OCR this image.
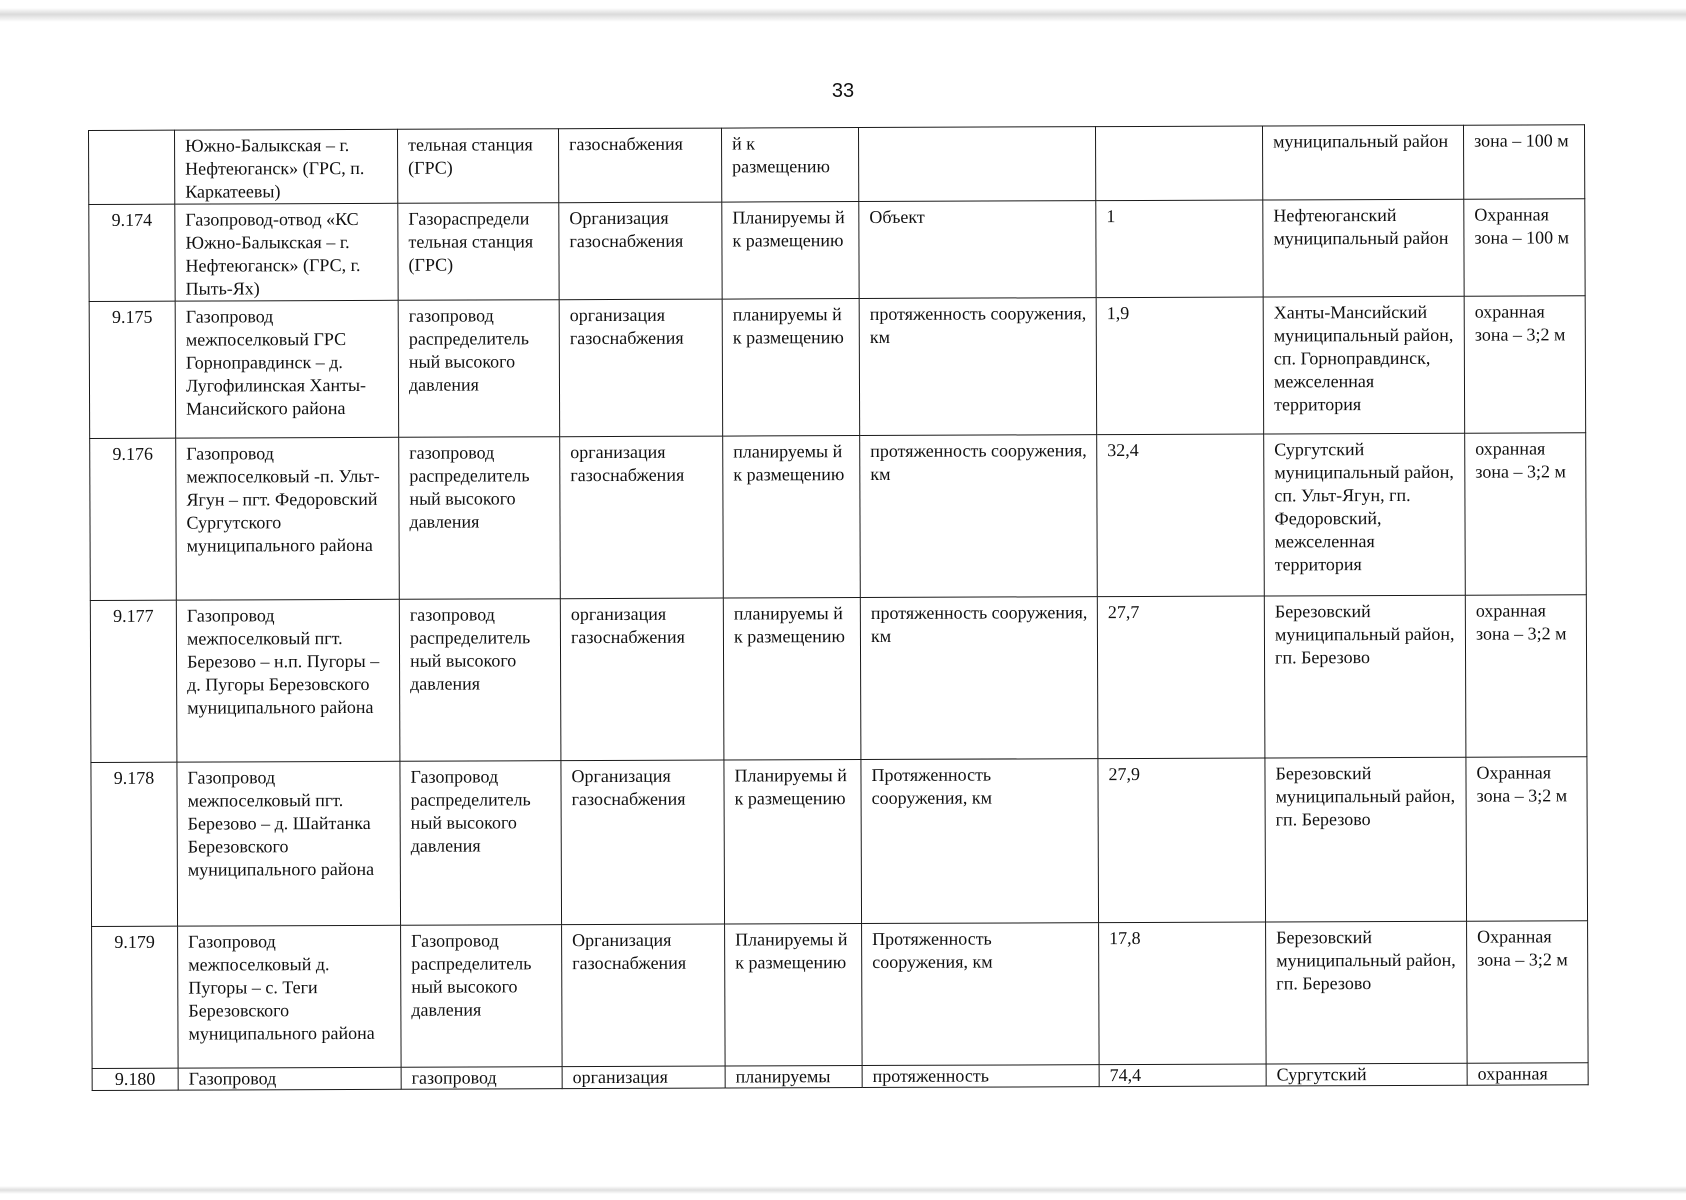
33
	Южно-Балыкская – г. Нефтеюганск» (ГРС, п. Каркатеевы)	тельная станция (ГРС)	газоснабжения	й к размещению			муниципальный район	зона – 100 м
9.174	Газопровод-отвод «КС Южно-Балыкская – г. Нефтеюганск» (ГРС, г. Пыть-Ях)	Газораспредели тельная станция (ГРС)	Организация газоснабжения	Планируемы й к размещению	Объект	1	Нефтеюганский муниципальный район	Охранная зона – 100 м
9.175	Газопровод межпоселковый ГРС Горноправдинск – д. Лугофилинская Ханты-Мансийского района	газопровод распределитель ный высокого давления	организация газоснабжения	планируемы й к размещению	протяженность сооружения, км	1,9	Ханты-Мансийский муниципальный район, сп. Горноправдинск, межселенная территория	охранная зона – 3;2 м
9.176	Газопровод межпоселковый -п. Ульт-Ягун – пгт. Федоровский Сургутского муниципального района	газопровод распределитель ный высокого давления	организация газоснабжения	планируемы й к размещению	протяженность сооружения, км	32,4	Сургутский муниципальный район, сп. Ульт-Ягун, гп. Федоровский, межселенная территория	охранная зона – 3;2 м
9.177	Газопровод межпоселковый пгт. Березово – н.п. Пугоры – д. Пугоры Березовского муниципального района	газопровод распределитель ный высокого давления	организация газоснабжения	планируемы й к размещению	протяженность сооружения, км	27,7	Березовский муниципальный район, гп. Березово	охранная зона – 3;2 м
9.178	Газопровод межпоселковый пгт. Березово – д. Шайтанка Березовского муниципального района	Газопровод распределитель ный высокого давления	Организация газоснабжения	Планируемы й к размещению	Протяженность сооружения, км	27,9	Березовский муниципальный район, гп. Березово	Охранная зона – 3;2 м
9.179	Газопровод межпоселковый д. Пугоры – с. Теги Березовского муниципального района	Газопровод распределитель ный высокого давления	Организация газоснабжения	Планируемы й к размещению	Протяженность сооружения, км	17,8	Березовский муниципальный район, гп. Березово	Охранная зона – 3;2 м
9.180	Газопровод	газопровод	организация	планируемы	протяженность	74,4	Сургутский	охранная
